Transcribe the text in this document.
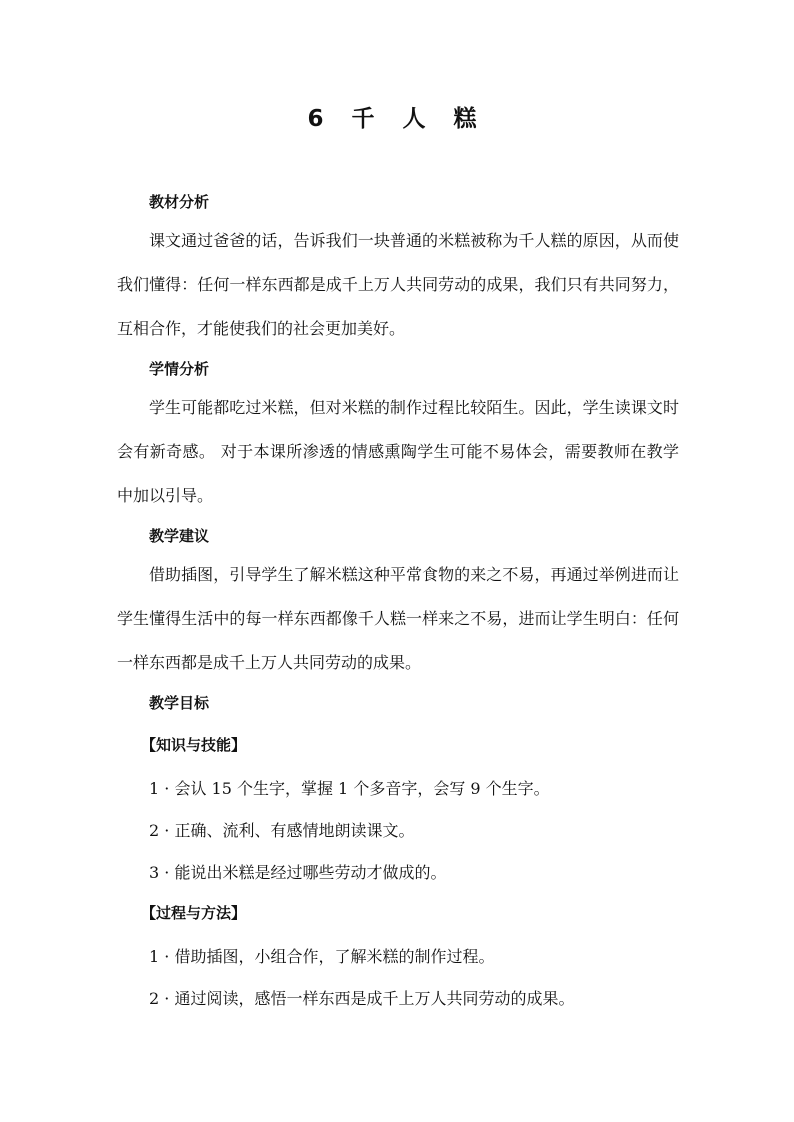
6 千 人 糕
教材分析
课文通过爸爸的话，告诉我们一块普通的米糕被称为千人糕的原因，从而使我们懂得：任何一样东西都是成千上万人共同劳动的成果，我们只有共同努力，互相合作，才能使我们的社会更加美好。
学情分析
学生可能都吃过米糕，但对米糕的制作过程比较陌生。因此，学生读课文时会有新奇感。 对于本课所渗透的情感熏陶学生可能不易体会，需要教师在教学中加以引导。
教学建议
借助插图，引导学生了解米糕这种平常食物的来之不易，再通过举例进而让学生懂得生活中的每一样东西都像千人糕一样来之不易，进而让学生明白：任何一样东西都是成千上万人共同劳动的成果。
教学目标
【知识与技能】
1 · 会认 15 个生字，掌握 1 个多音字，会写 9 个生字。
2 · 正确、流利、有感情地朗读课文。
3 · 能说出米糕是经过哪些劳动才做成的。
【过程与方法】
1 · 借助插图，小组合作，了解米糕的制作过程。
2 · 通过阅读，感悟一样东西是成千上万人共同劳动的成果。
